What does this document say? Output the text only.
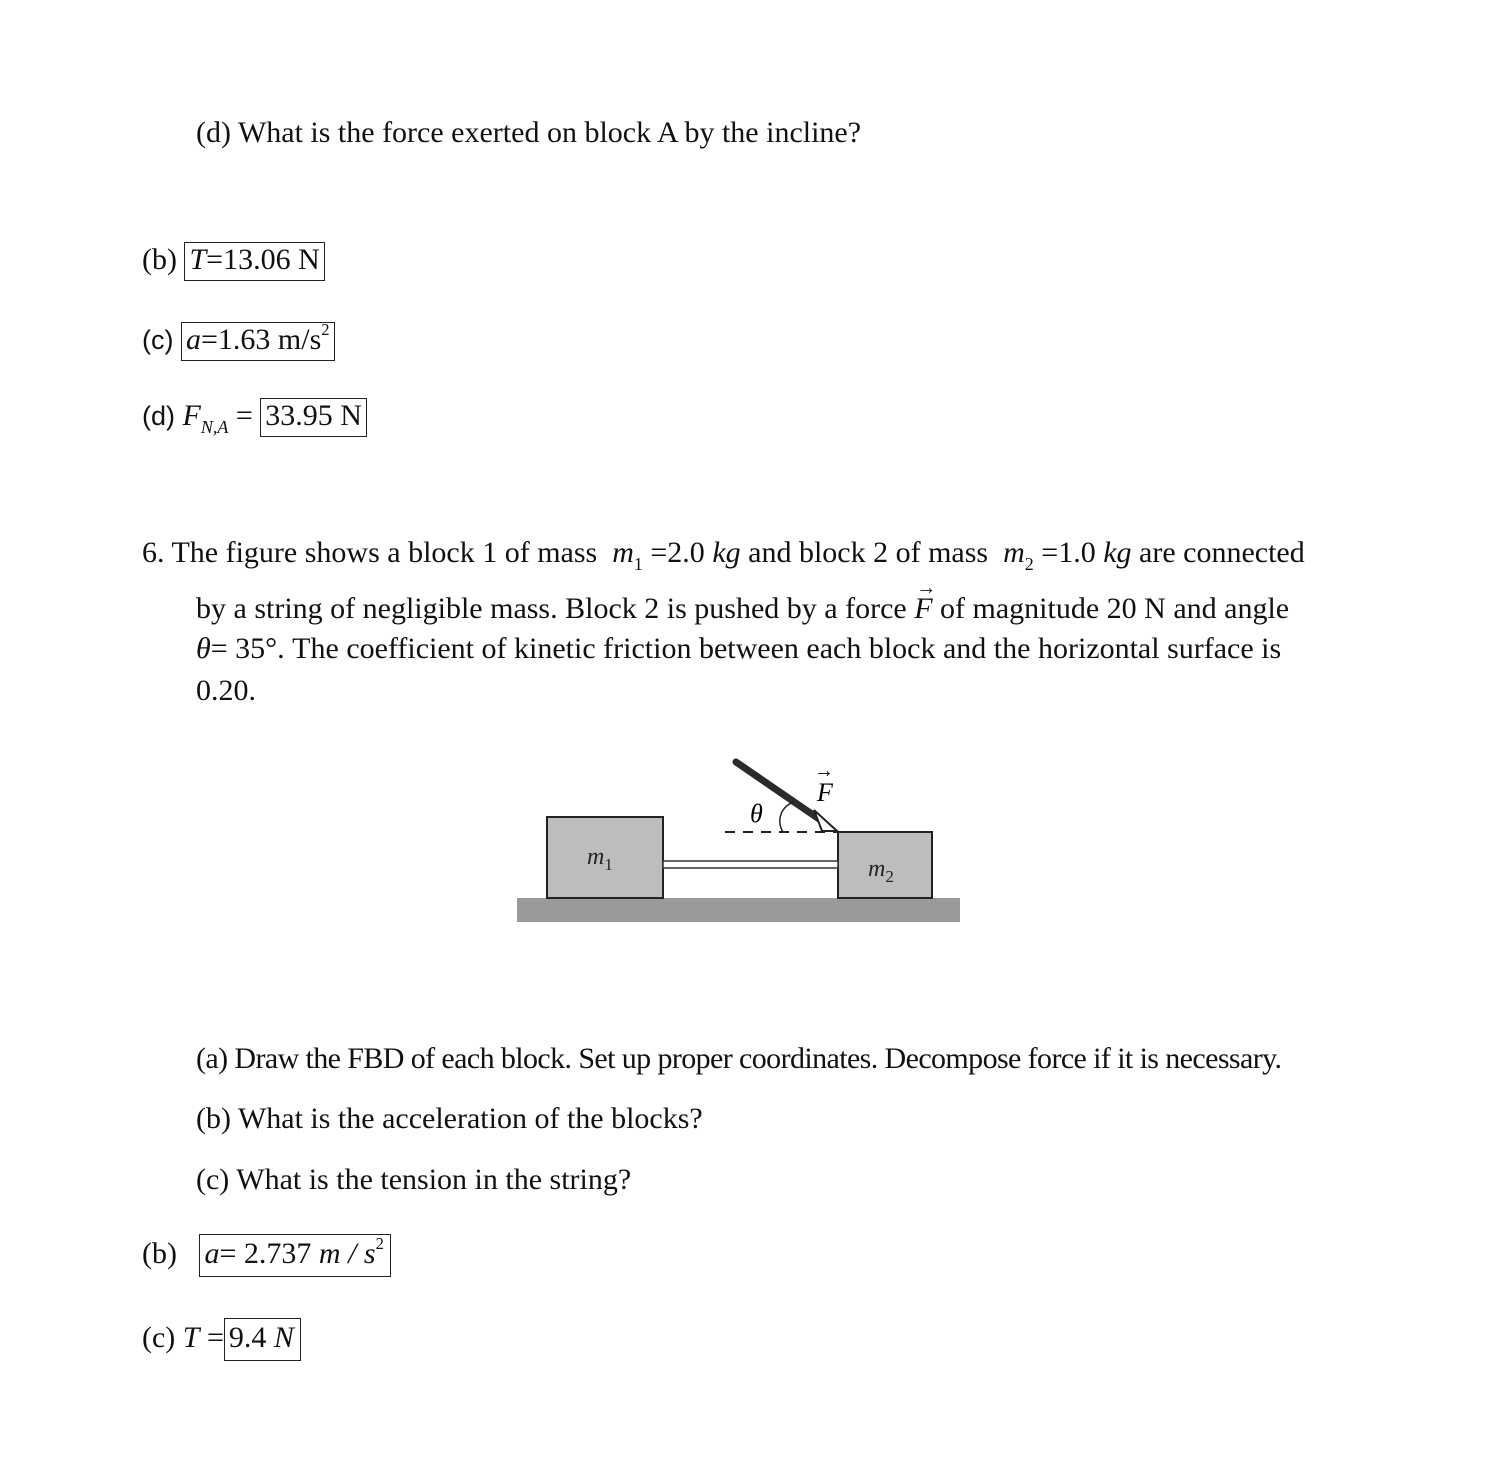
(d) What is the force exerted on block A by the incline?
(b) T=13.06 N
(c) a=1.63 $m/s^2$
(d) $F_{N,A} = 33.95$ N
6. The figure shows a block 1 of mass $m_1 =2.0$ kg and block 2 of mass $m_2 =1.0$ kg are connected
by a string of negligible mass. Block 2 is pushed by a force F
→
of magnitude 20 N and angle
θ= 35°. The coefficient of kinetic friction between each block and the horizontal surface is
0.20.
θ
F
→
$m_1$	$m_2$
(a) Draw the FBD of each block. Set up proper coordinates. Decompose force if it is necessary.
(b) What is the acceleration of the blocks?
(c) What is the tension in the string?
(b) a= 2.737 m / $s^2$
(c) T = 9.4 N
